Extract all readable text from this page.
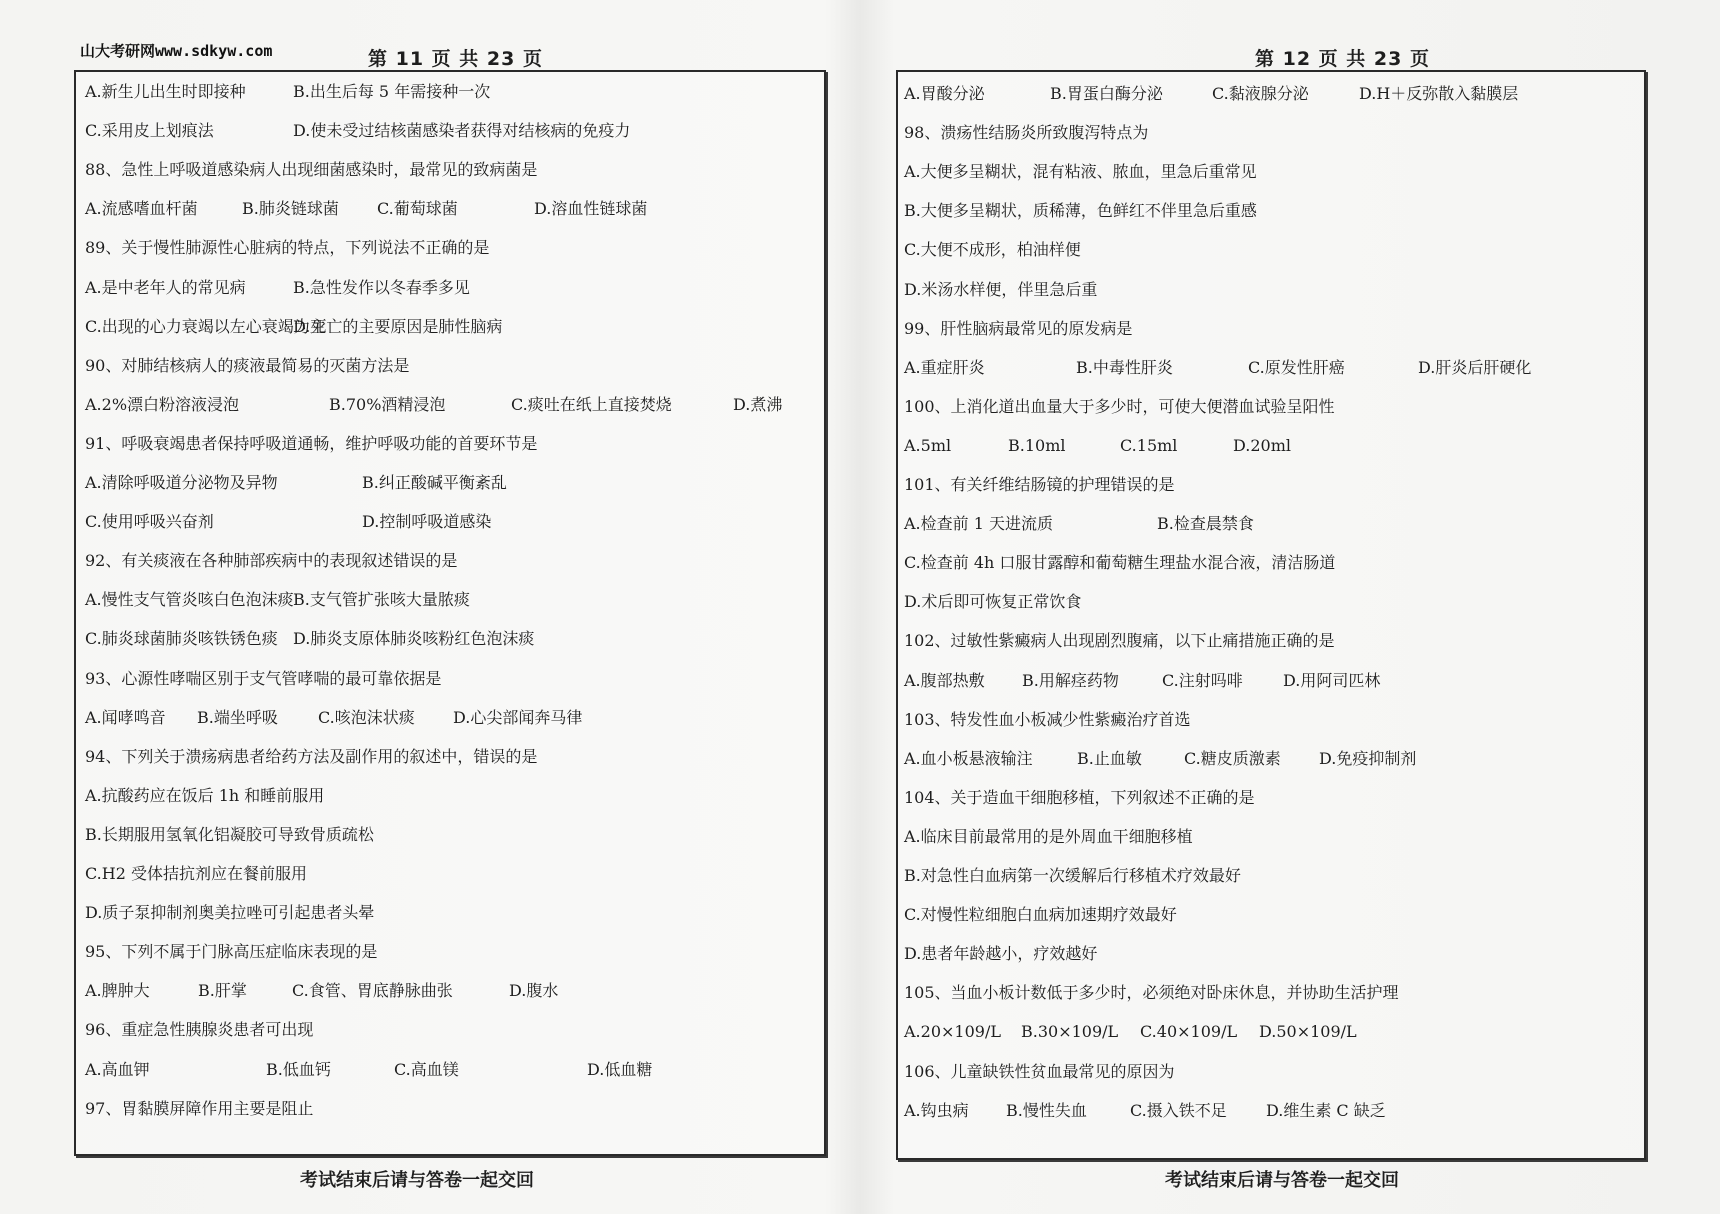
山大考研网www.sdkyw.com	第 11 页 共 23 页
A.新生儿出生时即接种	B.出生后每 5 年需接种一次
C.采用皮上划痕法	D.使未受过结核菌感染者获得对结核病的免疫力
88、急性上呼吸道感染病人出现细菌感染时，最常见的致病菌是
A.流感嗜血杆菌	B.肺炎链球菌 C.葡萄球菌	D.溶血性链球菌
89、关于慢性肺源性心脏病的特点，下列说法不正确的是
A.是中老年人的常见病	B.急性发作以冬春季多见
C.出现的心力衰竭以左心衰竭为主
D.死亡的主要原因是肺性脑病
90、对肺结核病人的痰液最简易的灭菌方法是
A.2%漂白粉溶液浸泡	B.70%酒精浸泡	C.痰吐在纸上直接焚烧	D.煮沸
91、呼吸衰竭患者保持呼吸道通畅，维护呼吸功能的首要环节是
A.清除呼吸道分泌物及异物	B.纠正酸碱平衡紊乱
C.使用呼吸兴奋剂	D.控制呼吸道感染
92、有关痰液在各种肺部疾病中的表现叙述错误的是
A.慢性支气管炎咳白色泡沫痰 B.支气管扩张咳大量脓痰
C.肺炎球菌肺炎咳铁锈色痰 D.肺炎支原体肺炎咳粉红色泡沫痰
93、心源性哮喘区别于支气管哮喘的最可靠依据是
A.闻哮鸣音 B.端坐呼吸	C.咳泡沫状痰 D.心尖部闻奔马律
94、下列关于溃疡病患者给药方法及副作用的叙述中，错误的是
A.抗酸药应在饭后 1h 和睡前服用
B.长期服用氢氧化铝凝胶可导致骨质疏松
C.H2 受体拮抗剂应在餐前服用
D.质子泵抑制剂奥美拉唑可引起患者头晕
95、下列不属于门脉高压症临床表现的是
A.脾肿大	B.肝掌	C.食管、胃底静脉曲张	D.腹水
96、重症急性胰腺炎患者可出现
A.高血钾	B.低血钙	C.高血镁	D.低血糖
97、胃黏膜屏障作用主要是阻止
考试结束后请与答卷一起交回
第 12 页 共 23 页
A.胃酸分泌	B.胃蛋白酶分泌	C.黏液腺分泌	D.H＋反弥散入黏膜层
98、溃疡性结肠炎所致腹泻特点为
A.大便多呈糊状，混有粘液、脓血，里急后重常见
B.大便多呈糊状，质稀薄，色鲜红不伴里急后重感
C.大便不成形，柏油样便
D.米汤水样便，伴里急后重
99、肝性脑病最常见的原发病是
A.重症肝炎	B.中毒性肝炎	C.原发性肝癌	D.肝炎后肝硬化
100、上消化道出血量大于多少时，可使大便潜血试验呈阳性
A.5ml	B.10ml	C.15ml	D.20ml
101、有关纤维结肠镜的护理错误的是
A.检查前 1 天进流质	B.检查晨禁食
C.检查前 4h 口服甘露醇和葡萄糖生理盐水混合液，清洁肠道
D.术后即可恢复正常饮食
102、过敏性紫癜病人出现剧烈腹痛，以下止痛措施正确的是
A.腹部热敷 B.用解痉药物	C.注射吗啡	D.用阿司匹林
103、特发性血小板减少性紫癜治疗首选
A.血小板悬液输注	B.止血敏	C.糖皮质激素 D.免疫抑制剂
104、关于造血干细胞移植，下列叙述不正确的是
A.临床目前最常用的是外周血干细胞移植
B.对急性白血病第一次缓解后行移植术疗效最好
C.对慢性粒细胞白血病加速期疗效最好
D.患者年龄越小，疗效越好
105、当血小板计数低于多少时，必须绝对卧床休息，并协助生活护理
A.20×109/L B.30×109/L C.40×109/L D.50×109/L
106、儿童缺铁性贫血最常见的原因为
A.钩虫病 B.慢性失血	C.摄入铁不足 D.维生素 C 缺乏
考试结束后请与答卷一起交回
